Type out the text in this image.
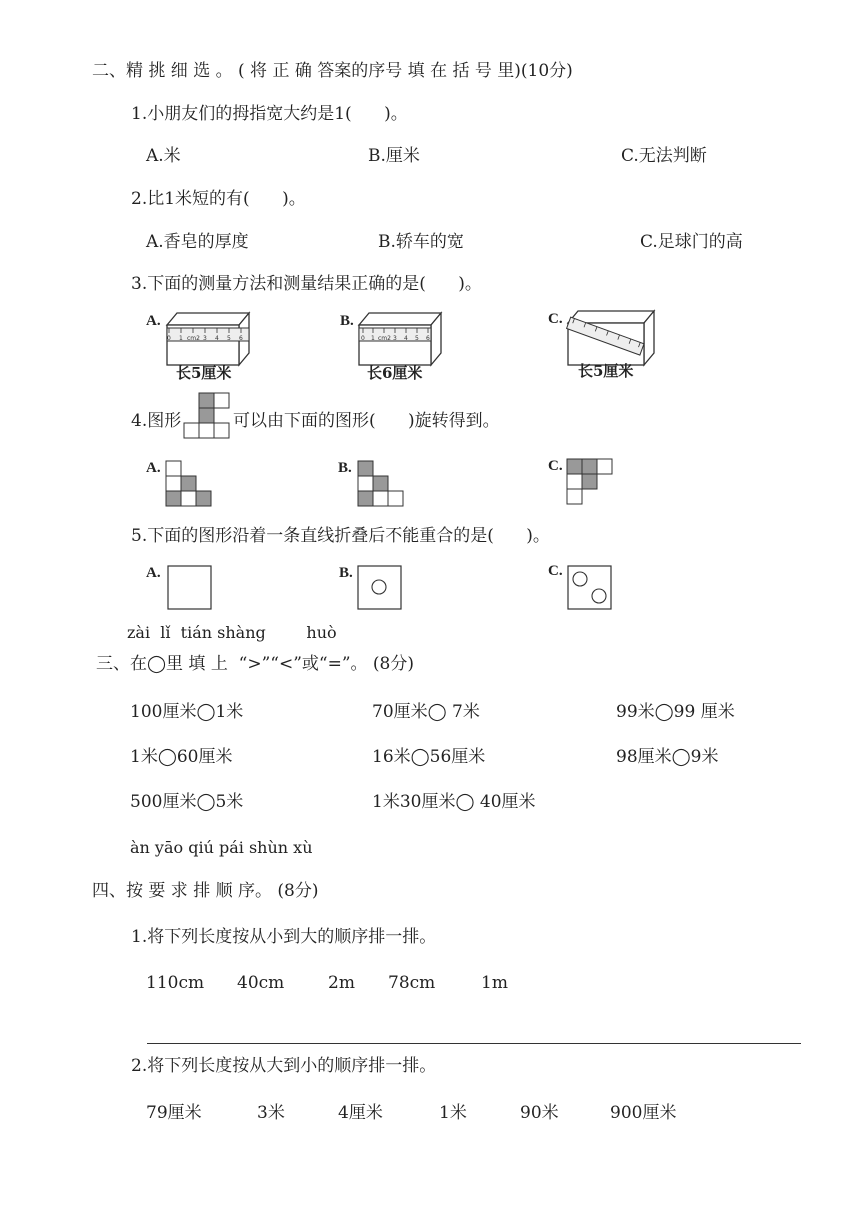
二、精 挑 细 选 。 ( 将 正 确 答案的序号 填 在 括 号 里)(10分)
1.小朋友们的拇指宽大约是1(      )。
A.米	B.厘米	C.无法判断
2.比1米短的有(      )。
A.香皂的厚度	B.轿车的宽	C.足球门的高
3.下面的测量方法和测量结果正确的是(      )。
A.
0 1 cm2 3 4 5 6
长5厘米
B.
0 1 cm2 3 4 5 6
长6厘米
C.
长5厘米
4.图形	可以由下面的图形(      )旋转得到。
A.	B.	C.
5.下面的图形沿着一条直线折叠后不能重合的是(      )。
A.	B.	C.
zài  lǐ  tián shàng        huò
三、在◯里 填 上  “>”“<”或“=”。 (8分)
100厘米◯1米	70厘米◯ 7米	99米◯99 厘米
1米◯60厘米	16米◯56厘米	98厘米◯9米
500厘米◯5米	1米30厘米◯ 40厘米
àn yāo qiú pái shùn xù
四、按 要 求 排 顺 序。 (8分)
1.将下列长度按从小到大的顺序排一排。
110cm 40cm	2m 78cm	1m
2.将下列长度按从大到小的顺序排一排。
79厘米	3米	4厘米	1米	90米	900厘米
